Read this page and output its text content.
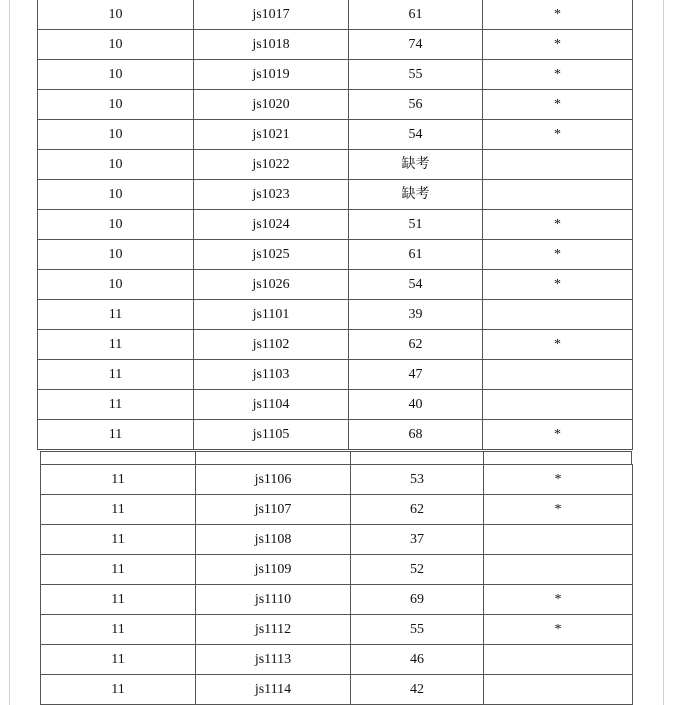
10	js1017	61	*
10	js1018	74	*
10	js1019	55	*
10	js1020	56	*
10	js1021	54	*
10	js1022	缺考	
10	js1023	缺考	
10	js1024	51	*
10	js1025	61	*
10	js1026	54	*
11	js1101	39	
11	js1102	62	*
11	js1103	47	
11	js1104	40	
11	js1105	68	*
11	js1106	53	*
11	js1107	62	*
11	js1108	37	
11	js1109	52	
11	js1110	69	*
11	js1112	55	*
11	js1113	46	
11	js1114	42	
